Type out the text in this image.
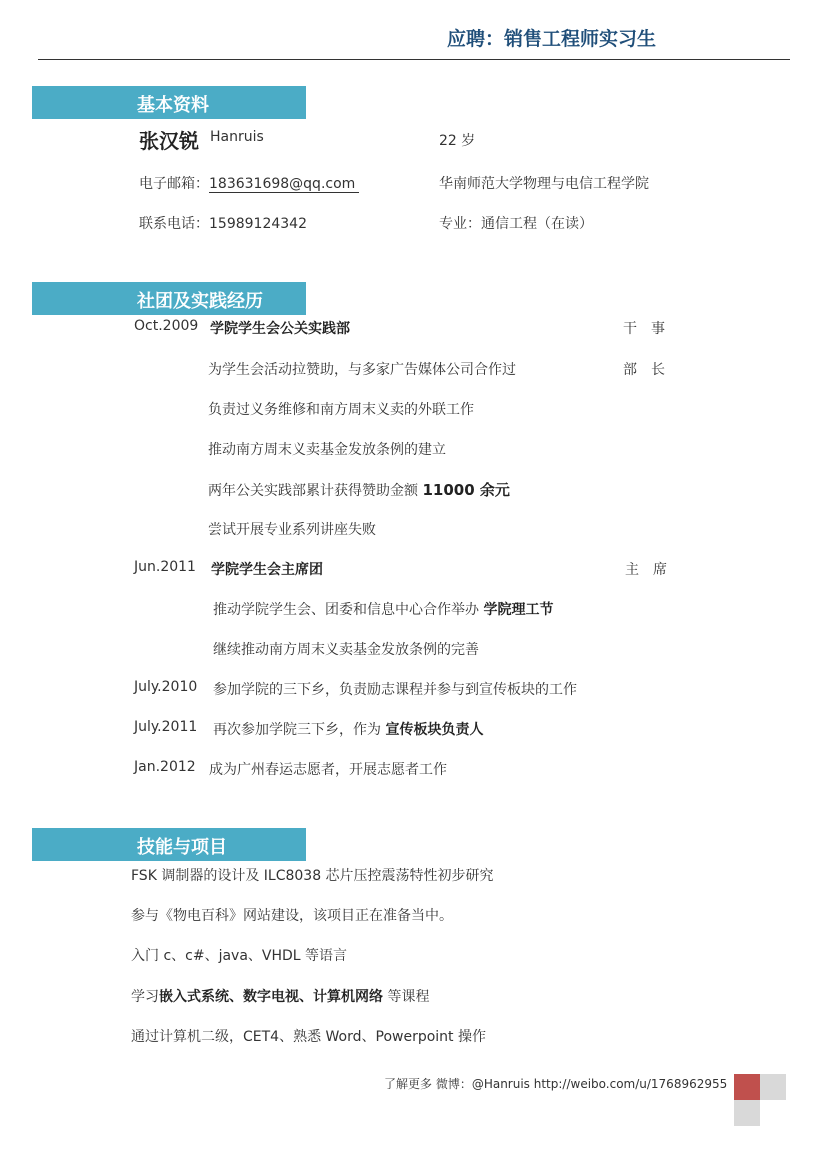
应聘：销售工程师实习生
基本资料
张汉锐 Hanruis	22 岁
电子邮箱：183631698@qq.com	华南师范大学物理与电信工程学院
联系电话：15989124342	专业：通信工程（在读）
社团及实践经历
Oct.2009 学院学生会公关实践部	干　事
为学生会活动拉赞助，与多家广告媒体公司合作过	部　长
负责过义务维修和南方周末义卖的外联工作
推动南方周末义卖基金发放条例的建立
两年公关实践部累计获得赞助金额 11000 余元
尝试开展专业系列讲座失败
Jun.2011 学院学生会主席团	主　席
推动学院学生会、团委和信息中心合作举办 学院理工节
继续推动南方周末义卖基金发放条例的完善
July.2010 参加学院的三下乡，负责励志课程并参与到宣传板块的工作
July.2011 再次参加学院三下乡，作为 宣传板块负责人
Jan.2012 成为广州春运志愿者，开展志愿者工作
技能与项目
FSK 调制器的设计及 ILC8038 芯片压控震荡特性初步研究
参与《物电百科》网站建设，该项目正在准备当中。
入门 c、c#、java、VHDL 等语言
学习嵌入式系统、数字电视、计算机网络 等课程
通过计算机二级，CET4、熟悉 Word、Powerpoint 操作
了解更多 微博：@Hanruis http://weibo.com/u/1768962955
